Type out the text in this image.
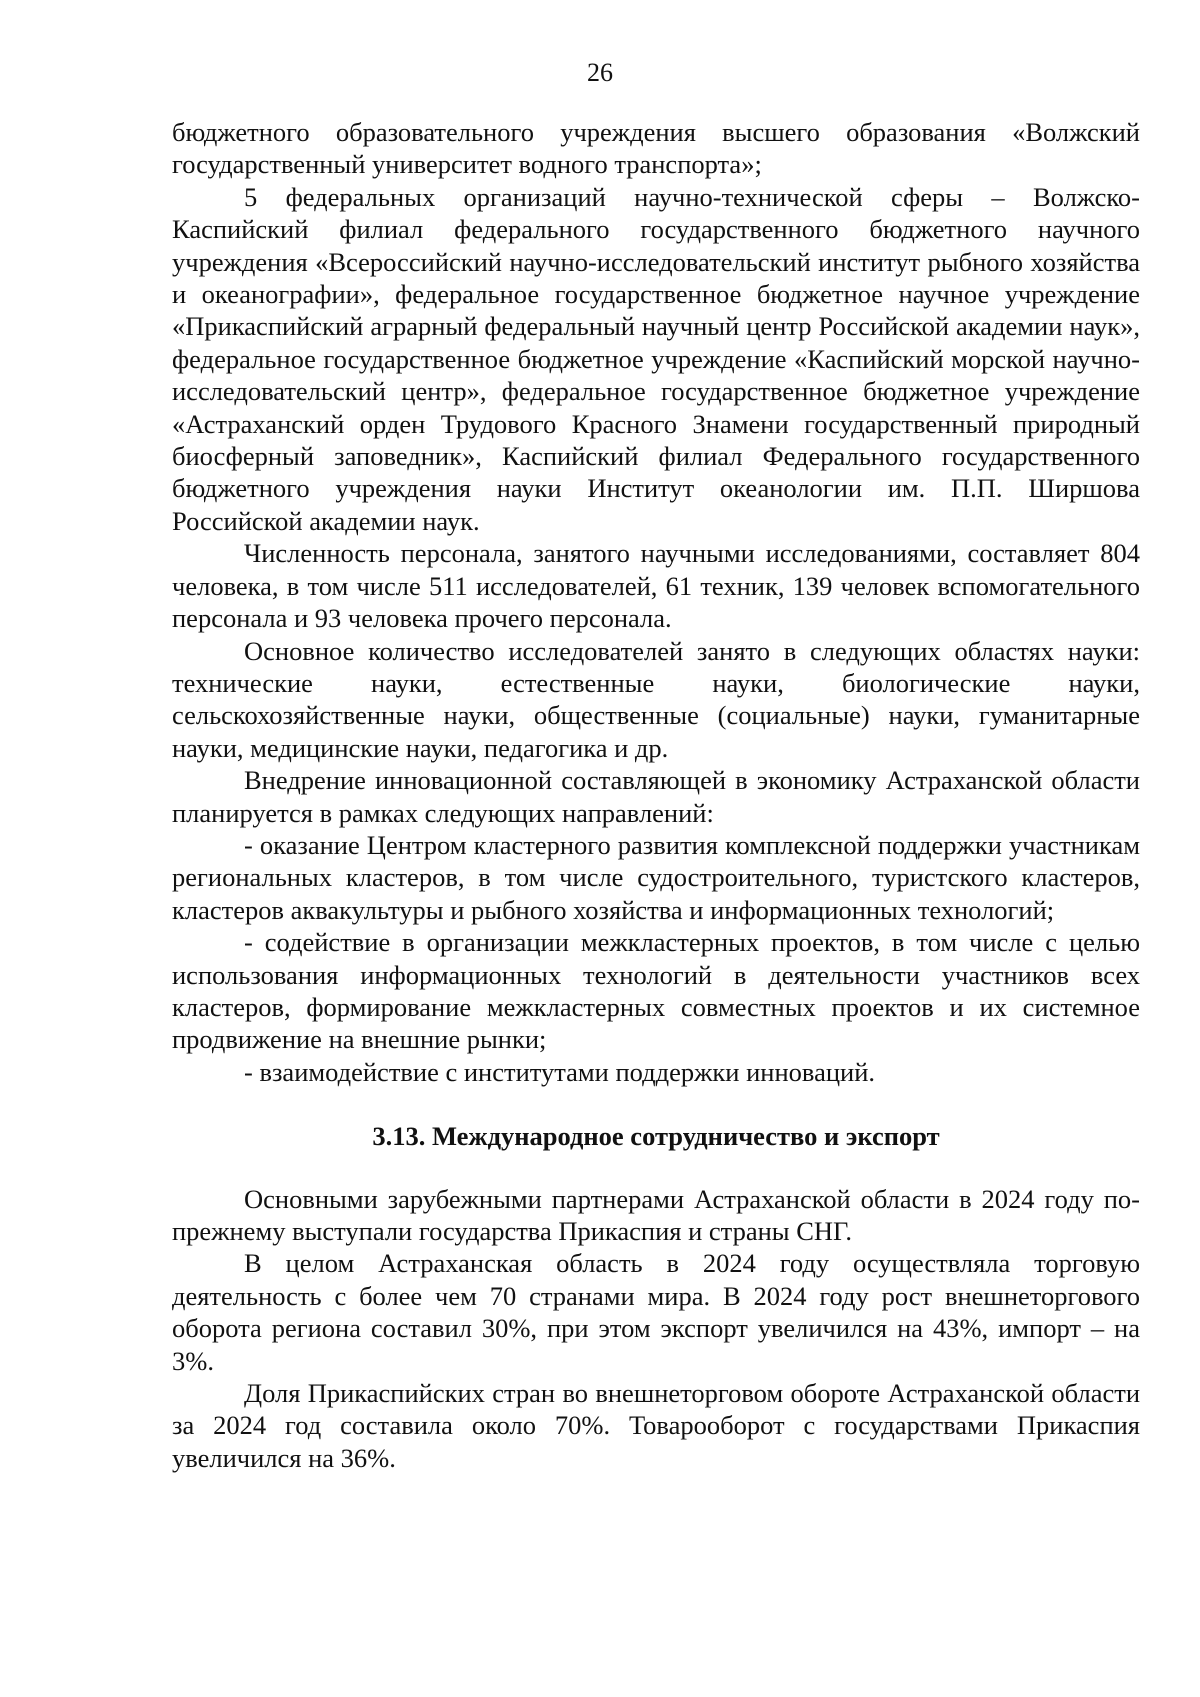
26

бюджетного образовательного учреждения высшего образования «Волжский государственный университет водного транспорта»;

5 федеральных организаций научно-технической сферы – Волжско-Каспийский филиал федерального государственного бюджетного научного учреждения «Всероссийский научно-исследовательский институт рыбного хозяйства и океанографии», федеральное государственное бюджетное научное учреждение «Прикаспийский аграрный федеральный научный центр Российской академии наук», федеральное государственное бюджетное учреждение «Каспийский морской научно-исследовательский центр», федеральное государственное бюджетное учреждение «Астраханский орден Трудового Красного Знамени государственный природный биосферный заповедник», Каспийский филиал Федерального государственного бюджетного учреждения науки Институт океанологии им. П.П. Ширшова Российской академии наук.

Численность персонала, занятого научными исследованиями, составляет 804 человека, в том числе 511 исследователей, 61 техник, 139 человек вспомогательного персонала и 93 человека прочего персонала.

Основное количество исследователей занято в следующих областях науки: технические науки, естественные науки, биологические науки, сельскохозяйственные науки, общественные (социальные) науки, гуманитарные науки, медицинские науки, педагогика и др.

Внедрение инновационной составляющей в экономику Астраханской области планируется в рамках следующих направлений:

- оказание Центром кластерного развития комплексной поддержки участникам региональных кластеров, в том числе судостроительного, туристского кластеров, кластеров аквакультуры и рыбного хозяйства и информационных технологий;

- содействие в организации межкластерных проектов, в том числе с целью использования информационных технологий в деятельности участников всех кластеров, формирование межкластерных совместных проектов и их системное продвижение на внешние рынки;

- взаимодействие с институтами поддержки инноваций.

3.13. Международное сотрудничество и экспорт

Основными зарубежными партнерами Астраханской области в 2024 году по-прежнему выступали государства Прикаспия и страны СНГ.

В целом Астраханская область в 2024 году осуществляла торговую деятельность с более чем 70 странами мира. В 2024 году рост внешнеторгового оборота региона составил 30%, при этом экспорт увеличился на 43%, импорт – на 3%.

Доля Прикаспийских стран во внешнеторговом обороте Астраханской области за 2024 год составила около 70%. Товарооборот с государствами Прикаспия увеличился на 36%.
